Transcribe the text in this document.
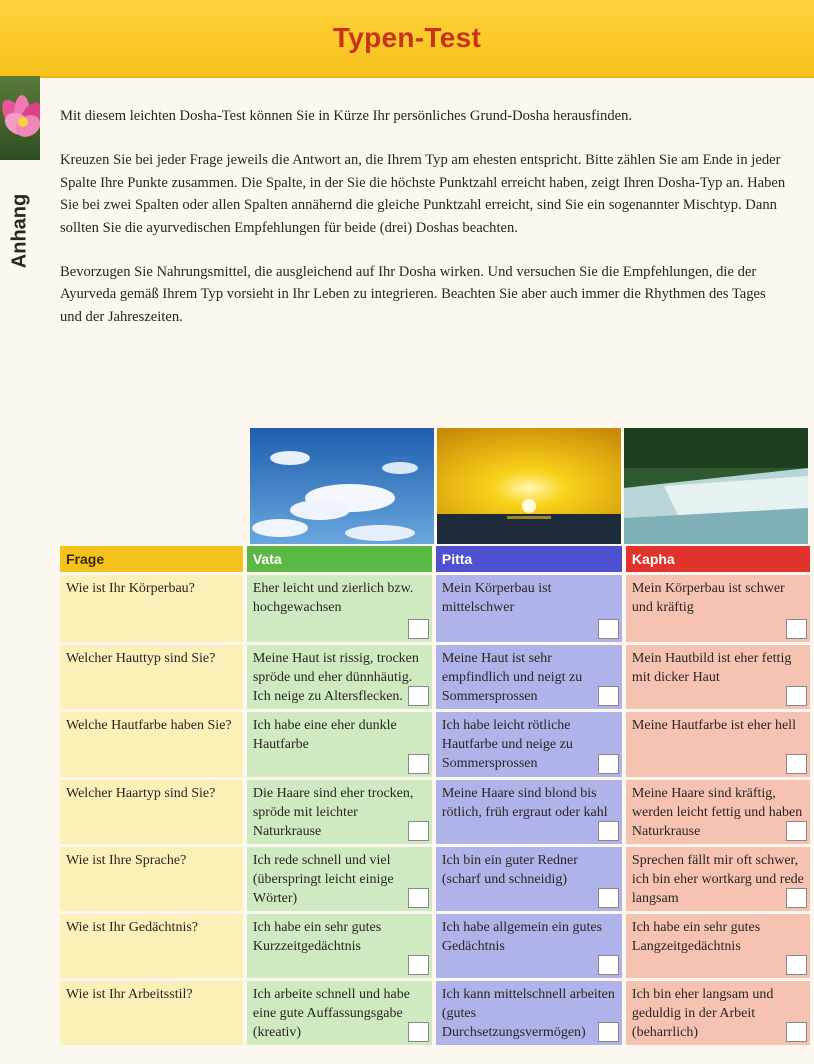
Typen-Test
Anhang

Mit diesem leichten Dosha-Test können Sie in Kürze Ihr persönliches Grund-Dosha herausfinden.

Kreuzen Sie bei jeder Frage jeweils die Antwort an, die Ihrem Typ am ehesten entspricht. Bitte zählen Sie am Ende in jeder Spalte Ihre Punkte zusammen. Die Spalte, in der Sie die höchste Punktzahl erreicht haben, zeigt Ihren Dosha-Typ an. Haben Sie bei zwei Spalten oder allen Spalten annähernd die gleiche Punktzahl erreicht, sind Sie ein sogenannter Mischtyp. Dann sollten Sie die ayurvedischen Empfehlungen für beide (drei) Doshas beachten.

Bevorzugen Sie Nahrungsmittel, die ausgleichend auf Ihr Dosha wirken. Und versuchen Sie die Empfehlungen, die der Ayurveda gemäß Ihrem Typ vorsieht in Ihr Leben zu integrieren. Beachten Sie aber auch immer die Rhythmen des Tages und der Jahreszeiten.

Frage	Vata	Pitta	Kapha
Wie ist Ihr Körperbau?	Eher leicht und zierlich bzw. hochgewachsen	Mein Körperbau ist mittelschwer	Mein Körperbau ist schwer und kräftig

Welcher Hauttyp sind Sie?	Meine Haut ist rissig, trocken spröde und eher dünnhäutig. Ich neige zu Altersflecken.	Meine Haut ist sehr empfindlich und neigt zu Sommersprossen	Mein Hautbild ist eher fettig mit dicker Haut

Welche Hautfarbe haben Sie?	Ich habe eine eher dunkle Hautfarbe	Ich habe leicht rötliche Hautfarbe und neige zu Sommersprossen	Meine Hautfarbe ist eher hell

Welcher Haartyp sind Sie?	Die Haare sind eher trocken, spröde mit leichter Naturkrause	Meine Haare sind blond bis rötlich, früh ergraut oder kahl	Meine Haare sind kräftig, werden leicht fettig und haben Naturkrause

Wie ist Ihre Sprache?	Ich rede schnell und viel (überspringt leicht einige Wörter)	Ich bin ein guter Redner (scharf und schneidig)	Sprechen fällt mir oft schwer, ich bin eher wortkarg und rede langsam

Wie ist Ihr Gedächtnis?	Ich habe ein sehr gutes Kurzzeitgedächtnis	Ich habe allgemein ein gutes Gedächtnis	Ich habe ein sehr gutes Langzeitgedächtnis

Wie ist Ihr Arbeitsstil?	Ich arbeite schnell und habe eine gute Auffassungsgabe (kreativ)	Ich kann mittelschnell arbeiten (gutes Durchsetzungsvermögen)	Ich bin eher langsam und geduldig in der Arbeit (beharrlich)
